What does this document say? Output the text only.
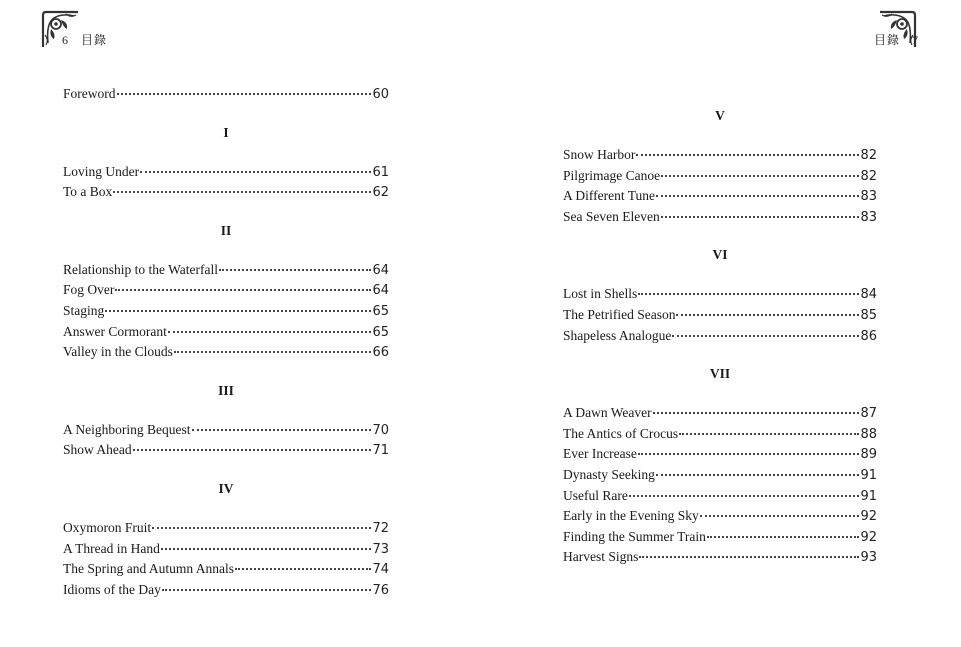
6 目錄
Foreword	60
I
Loving Under	61
To a Box	62
II
Relationship to the Waterfall	64
Fog Over	64
Staging	65
Answer Cormorant	65
Valley in the Clouds	66
III
A Neighboring Bequest	70
Show Ahead	71
IV
Oxymoron Fruit	72
A Thread in Hand	73
The Spring and Autumn Annals	74
Idioms of the Day	76
目錄 7
V
Snow Harbor	82
Pilgrimage Canoe	82
A Different Tune	83
Sea Seven Eleven	83
VI
Lost in Shells	84
The Petrified Season	85
Shapeless Analogue	86
VII
A Dawn Weaver	87
The Antics of Crocus	88
Ever Increase	89
Dynasty Seeking	91
Useful Rare	91
Early in the Evening Sky	92
Finding the Summer Train	92
Harvest Signs	93
